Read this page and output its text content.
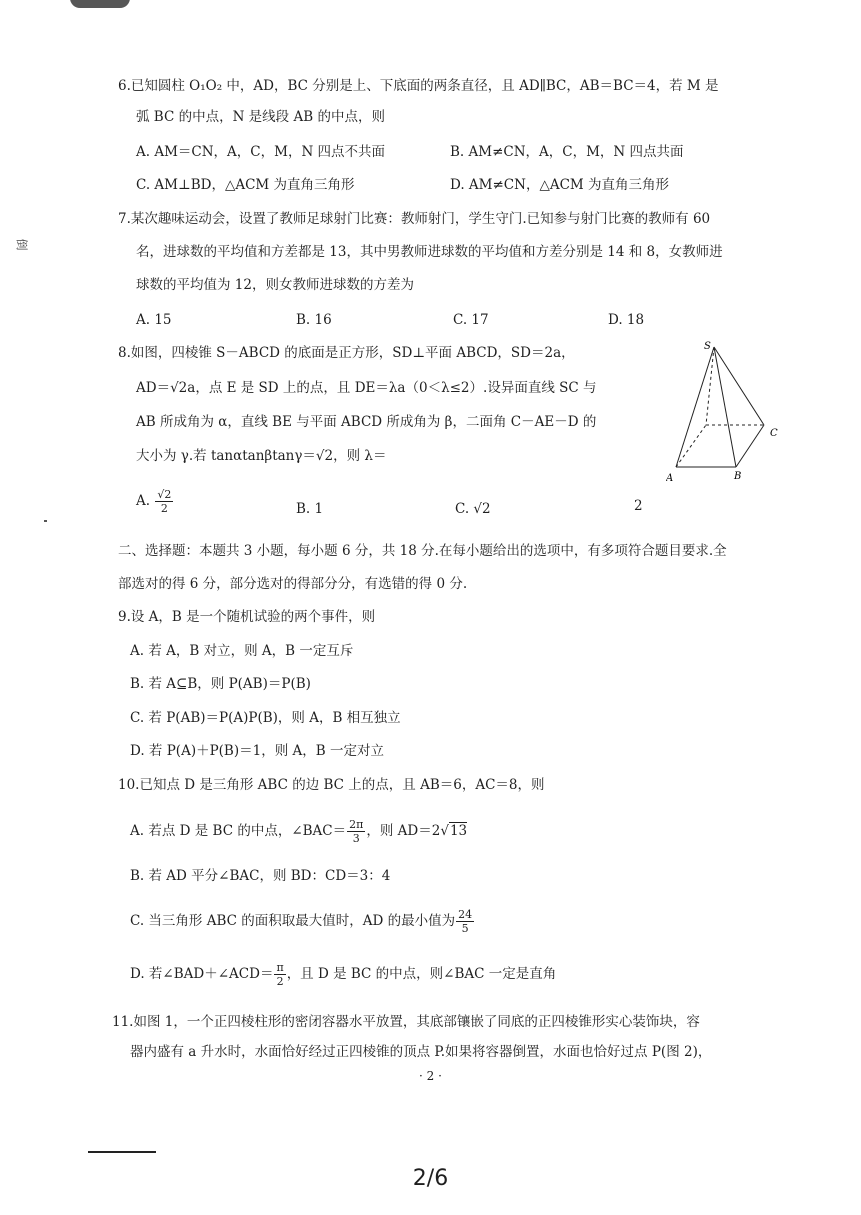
倒
6.已知圆柱 O₁O₂ 中，AD，BC 分别是上、下底面的两条直径，且 AD∥BC，AB＝BC＝4，若 M 是
弧 BC 的中点，N 是线段 AB 的中点，则
A. AM＝CN，A，C，M，N 四点不共面	B. AM≠CN，A，C，M，N 四点共面
C. AM⊥BD，△ACM 为直角三角形	D. AM≠CN，△ACM 为直角三角形
7.某次趣味运动会，设置了教师足球射门比赛：教师射门，学生守门.已知参与射门比赛的教师有 60
名，进球数的平均值和方差都是 13，其中男教师进球数的平均值和方差分别是 14 和 8，女教师进
球数的平均值为 12，则女教师进球数的方差为
A. 15	B. 16	C. 17	D. 18
8.如图，四棱锥 S－ABCD 的底面是正方形，SD⊥平面 ABCD，SD＝2a，
AD＝√2a，点 E 是 SD 上的点，且 DE＝λa（0＜λ≤2）.设异面直线 SC 与
AB 所成角为 α，直线 BE 与平面 ABCD 所成角为 β，二面角 C－AE－D 的
大小为 γ.若 tanαtanβtanγ＝√2，则 λ＝
A. $\frac{√2}{2}$	B. 1	C. √2	2
S
A	B
C
二、选择题：本题共 3 小题，每小题 6 分，共 18 分.在每小题给出的选项中，有多项符合题目要求.全
部选对的得 6 分，部分选对的得部分分，有选错的得 0 分.
9.设 A，B 是一个随机试验的两个事件，则
A. 若 A，B 对立，则 A，B 一定互斥
B. 若 A⊆B，则 P(AB)＝P(B)
C. 若 P(AB)＝P(A)P(B)，则 A，B 相互独立
D. 若 P(A)＋P(B)＝1，则 A，B 一定对立
10.已知点 D 是三角形 ABC 的边 BC 上的点，且 AB＝6，AC＝8，则
A. 若点 D 是 BC 的中点，∠BAC＝ $\frac{2\pi}{3}$ ，则 AD＝2√13
B. 若 AD 平分∠BAC，则 BD：CD＝3：4
C. 当三角形 ABC 的面积取最大值时，AD 的最小值为 $\frac{24}{5}$
D. 若∠BAD＋∠ACD＝ $\frac{\pi}{2}$ ，且 D 是 BC 的中点，则∠BAC 一定是直角
11.如图 1，一个正四棱柱形的密闭容器水平放置，其底部镶嵌了同底的正四棱锥形实心装饰块，容
器内盛有 a 升水时，水面恰好经过正四棱锥的顶点 P.如果将容器倒置，水面也恰好过点 P(图 2)，
· 2 ·
2/6
